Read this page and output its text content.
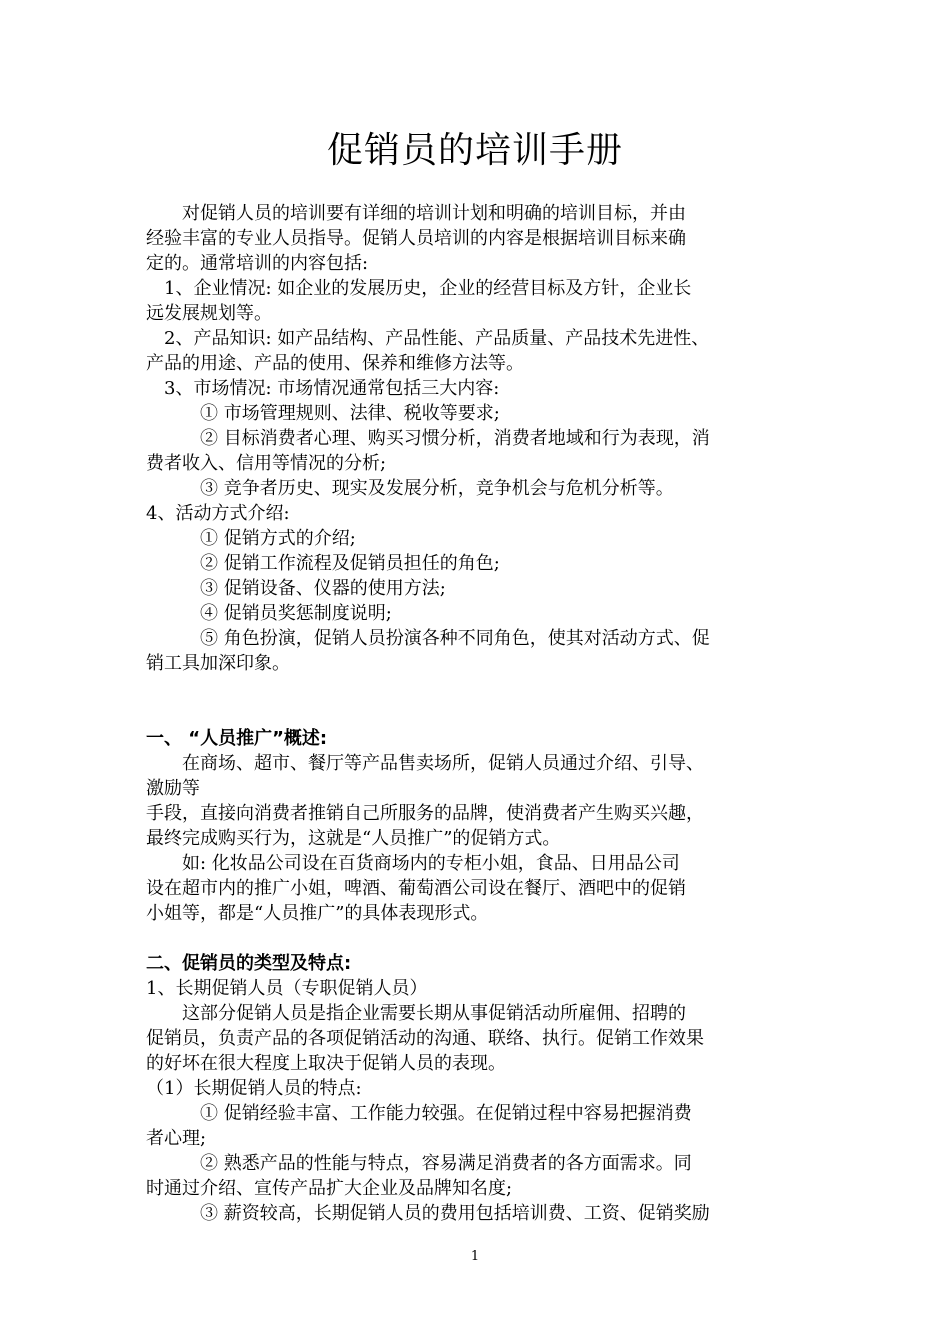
促销员的培训手册

　　对促销人员的培训要有详细的培训计划和明确的培训目标，并由

经验丰富的专业人员指导。促销人员培训的内容是根据培训目标来确

定的。通常培训的内容包括:

　1、企业情况: 如企业的发展历史，企业的经营目标及方针，企业长

远发展规划等。

　2、产品知识: 如产品结构、产品性能、产品质量、产品技术先进性、

产品的用途、产品的使用、保养和维修方法等。

　3、市场情况: 市场情况通常包括三大内容:

　　　① 市场管理规则、法律、税收等要求;

　　　② 目标消费者心理、购买习惯分析，消费者地域和行为表现，消

费者收入、信用等情况的分析;

　　　③ 竞争者历史、现实及发展分析，竞争机会与危机分析等。

4、活动方式介绍:

　　　① 促销方式的介绍;

　　　② 促销工作流程及促销员担任的角色;

　　　③ 促销设备、仪器的使用方法;

　　　④ 促销员奖惩制度说明;

　　　⑤ 角色扮演，促销人员扮演各种不同角色，使其对活动方式、促

销工具加深印象。

一、 “人员推广”概述:

　　在商场、超市、餐厅等产品售卖场所，促销人员通过介绍、引导、

激励等

手段，直接向消费者推销自己所服务的品牌，使消费者产生购买兴趣，

最终完成购买行为，这就是“人员推广”的促销方式。

　　如: 化妆品公司设在百货商场内的专柜小姐，食品、日用品公司

设在超市内的推广小姐，啤酒、葡萄酒公司设在餐厅、酒吧中的促销

小姐等，都是“人员推广”的具体表现形式。

二、促销员的类型及特点:

1、长期促销人员（专职促销人员）

　　这部分促销人员是指企业需要长期从事促销活动所雇佣、招聘的

促销员，负责产品的各项促销活动的沟通、联络、执行。促销工作效果

的好坏在很大程度上取决于促销人员的表现。

（1）长期促销人员的特点:

　　　① 促销经验丰富、工作能力较强。在促销过程中容易把握消费

者心理;

　　　② 熟悉产品的性能与特点，容易满足消费者的各方面需求。同

时通过介绍、宣传产品扩大企业及品牌知名度;

　　　③ 薪资较高，长期促销人员的费用包括培训费、工资、促销奖励

1
